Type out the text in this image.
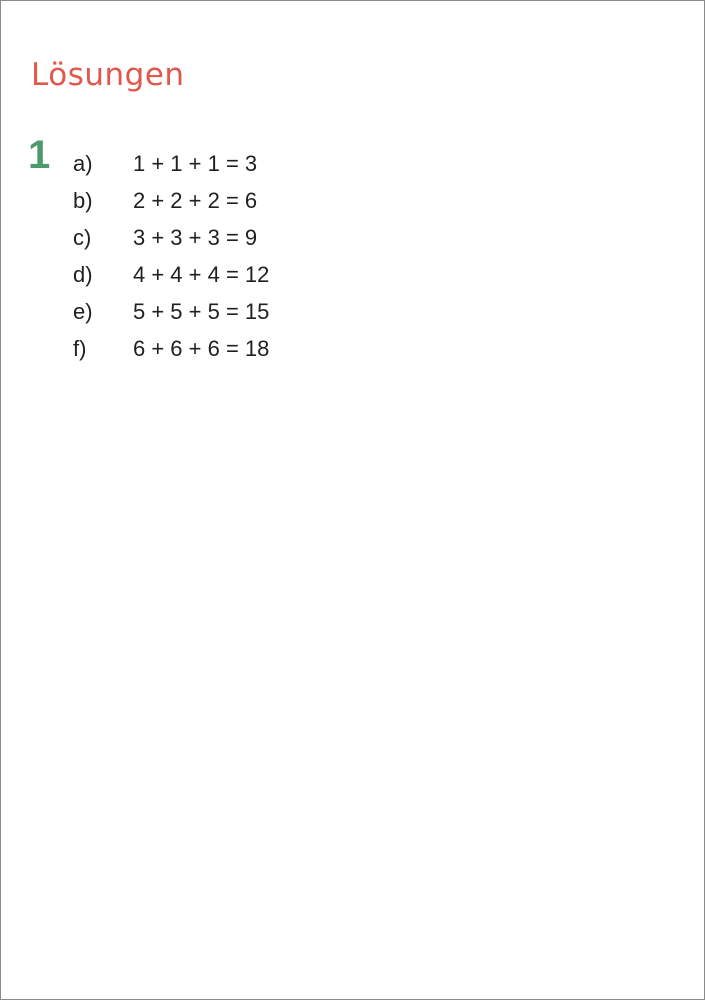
Lösungen
1 a)	1 + 1 + 1 = 3
b)	2 + 2 + 2 = 6
c)	3 + 3 + 3 = 9
d)	4 + 4 + 4 = 12
e)	5 + 5 + 5 = 15
f)	6 + 6 + 6 = 18
